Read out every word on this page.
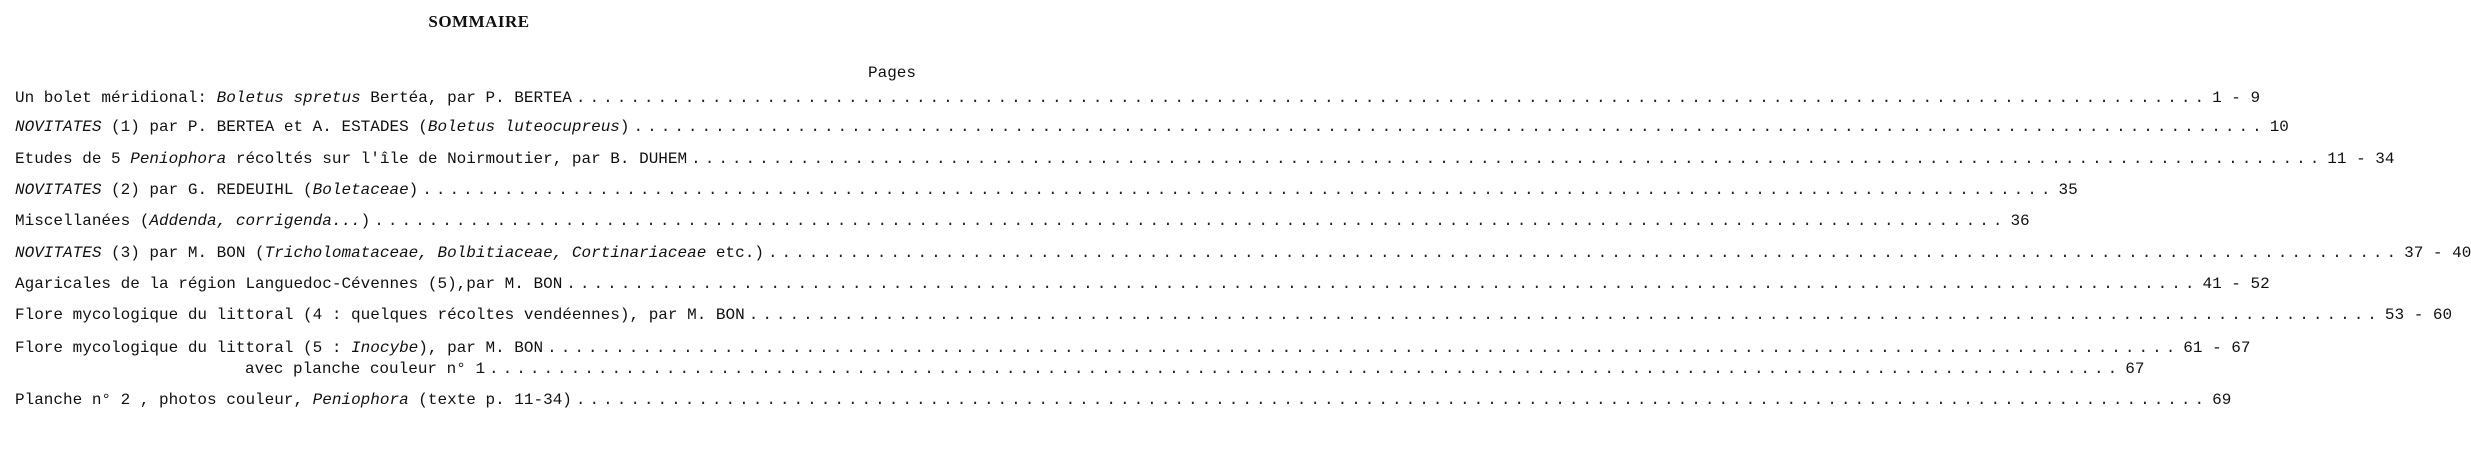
SOMMAIRE
Pages
Un bolet méridional: Boletus spretus Bertéa, par P. BERTEA ........................................................................................................................ 1 - 9
NOVITATES (1) par P. BERTEA et A. ESTADES (Boletus luteocupreus) ........................................................................................................................ 10
Etudes de 5 Peniophora récoltés sur l'île de Noirmoutier, par B. DUHEM ........................................................................................................................ 11 - 34
NOVITATES (2) par G. REDEUIHL (Boletaceae) ........................................................................................................................ 35
Miscellanées (Addenda, corrigenda...) ........................................................................................................................ 36
NOVITATES (3) par M. BON (Tricholomataceae, Bolbitiaceae, Cortinariaceae etc.) ........................................................................................................................ 37 - 40
Agaricales de la région Languedoc-Cévennes (5),par M. BON ........................................................................................................................ 41 - 52
Flore mycologique du littoral (4 : quelques récoltes vendéennes), par M. BON ........................................................................................................................ 53 - 60
Flore mycologique du littoral (5 : Inocybe), par M. BON ........................................................................................................................ 61 - 67
avec planche couleur n° 1 ........................................................................................................................ 67
Planche n° 2 , photos couleur, Peniophora (texte p. 11-34) ........................................................................................................................ 69
